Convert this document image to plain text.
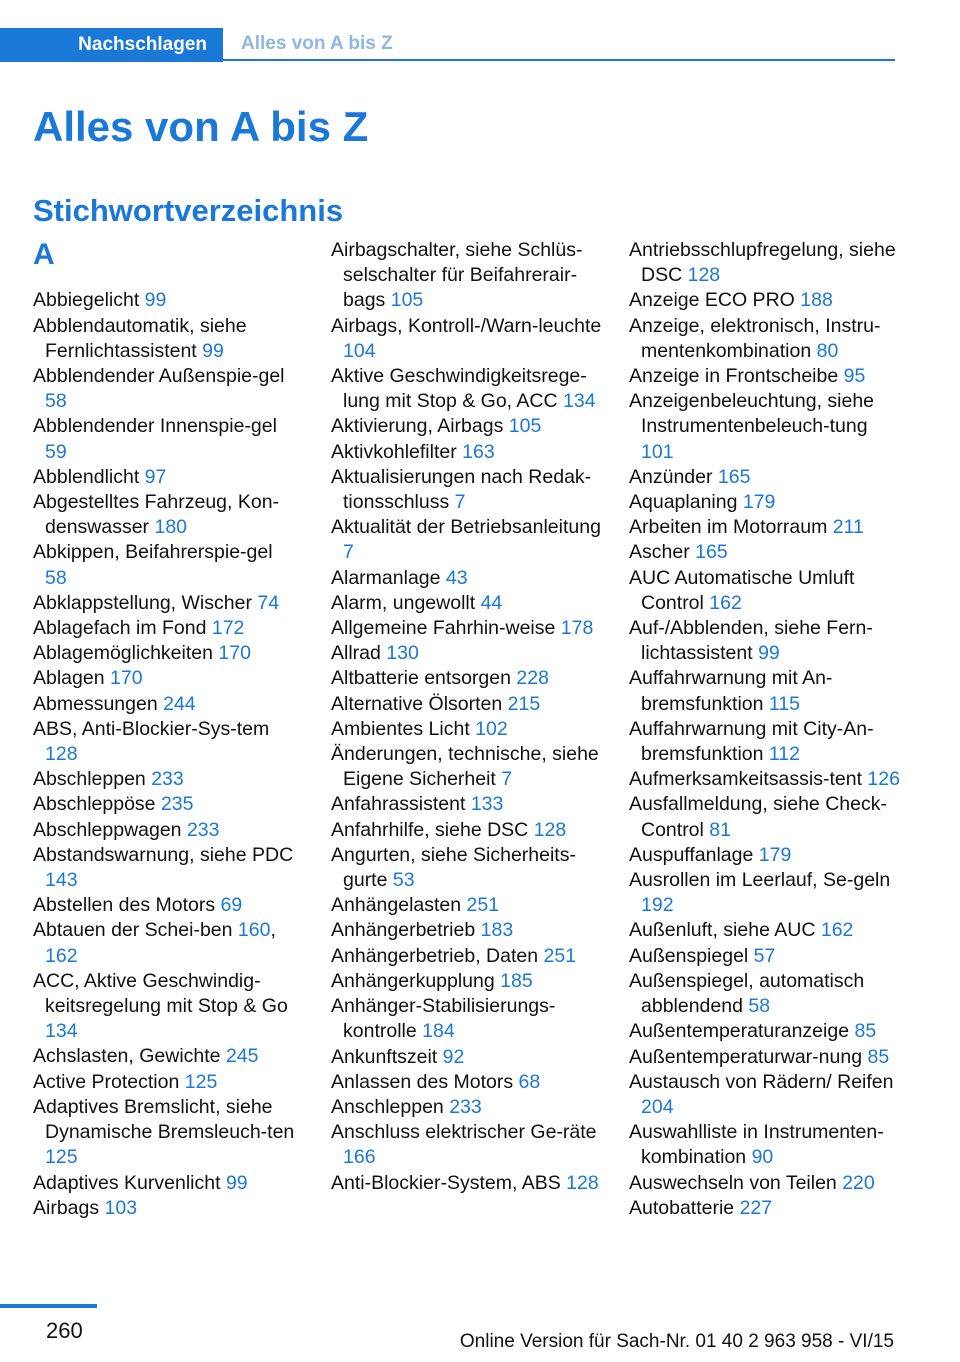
Nachschlagen	Alles von A bis Z
Alles von A bis Z
Stichwortverzeichnis
A
Abbiegelicht 99
Abblendautomatik, siehe Fernlichtassistent 99
Abblendender Außenspie-gel 58
Abblendender Innenspie-gel 59
Abblendlicht 97
Abgestelltes Fahrzeug, Kon-denswasser 180
Abkippen, Beifahrerspie-gel 58
Abklappstellung, Wischer 74
Ablagefach im Fond 172
Ablagemöglichkeiten 170
Ablagen 170
Abmessungen 244
ABS, Anti-Blockier-Sys-tem 128
Abschleppen 233
Abschleppöse 235
Abschleppwagen 233
Abstandswarnung, siehe PDC 143
Abstellen des Motors 69
Abtauen der Schei-ben 160, 162
ACC, Aktive Geschwindig-keitsregelung mit Stop & Go 134
Achslasten, Gewichte 245
Active Protection 125
Adaptives Bremslicht, siehe Dynamische Bremsleuch-ten 125
Adaptives Kurvenlicht 99
Airbags 103
Airbagschalter, siehe Schlüs-selschalter für Beifahrerair-bags 105
Airbags, Kontroll-/Warn-leuchte 104
Aktive Geschwindigkeitsrege-lung mit Stop & Go, ACC 134
Aktivierung, Airbags 105
Aktivkohlefilter 163
Aktualisierungen nach Redak-tionsschluss 7
Aktualität der Betriebsanleitung 7
Alarmanlage 43
Alarm, ungewollt 44
Allgemeine Fahrhin-weise 178
Allrad 130
Altbatterie entsorgen 228
Alternative Ölsorten 215
Ambientes Licht 102
Änderungen, technische, siehe Eigene Sicherheit 7
Anfahrassistent 133
Anfahrhilfe, siehe DSC 128
Angurten, siehe Sicherheits-gurte 53
Anhängelasten 251
Anhängerbetrieb 183
Anhängerbetrieb, Daten 251
Anhängerkupplung 185
Anhänger-Stabilisierungs-kontrolle 184
Ankunftszeit 92
Anlassen des Motors 68
Anschleppen 233
Anschluss elektrischer Ge-räte 166
Anti-Blockier-System, ABS 128
Antriebsschlupfregelung, siehe DSC 128
Anzeige ECO PRO 188
Anzeige, elektronisch, Instru-mentenkombination 80
Anzeige in Frontscheibe 95
Anzeigenbeleuchtung, siehe Instrumentenbeleuch-tung 101
Anzünder 165
Aquaplaning 179
Arbeiten im Motorraum 211
Ascher 165
AUC Automatische Umluft Control 162
Auf-/Abblenden, siehe Fern-lichtassistent 99
Auffahrwarnung mit An-bremsfunktion 115
Auffahrwarnung mit City-An-bremsfunktion 112
Aufmerksamkeitsassis-tent 126
Ausfallmeldung, siehe Check-Control 81
Auspuffanlage 179
Ausrollen im Leerlauf, Se-geln 192
Außenluft, siehe AUC 162
Außenspiegel 57
Außenspiegel, automatisch abblendend 58
Außentemperaturanzeige 85
Außentemperaturwar-nung 85
Austausch von Rädern/ Reifen 204
Auswahlliste in Instrumenten-kombination 90
Auswechseln von Teilen 220
Autobatterie 227
260	Online Version für Sach-Nr. 01 40 2 963 958 - VI/15
